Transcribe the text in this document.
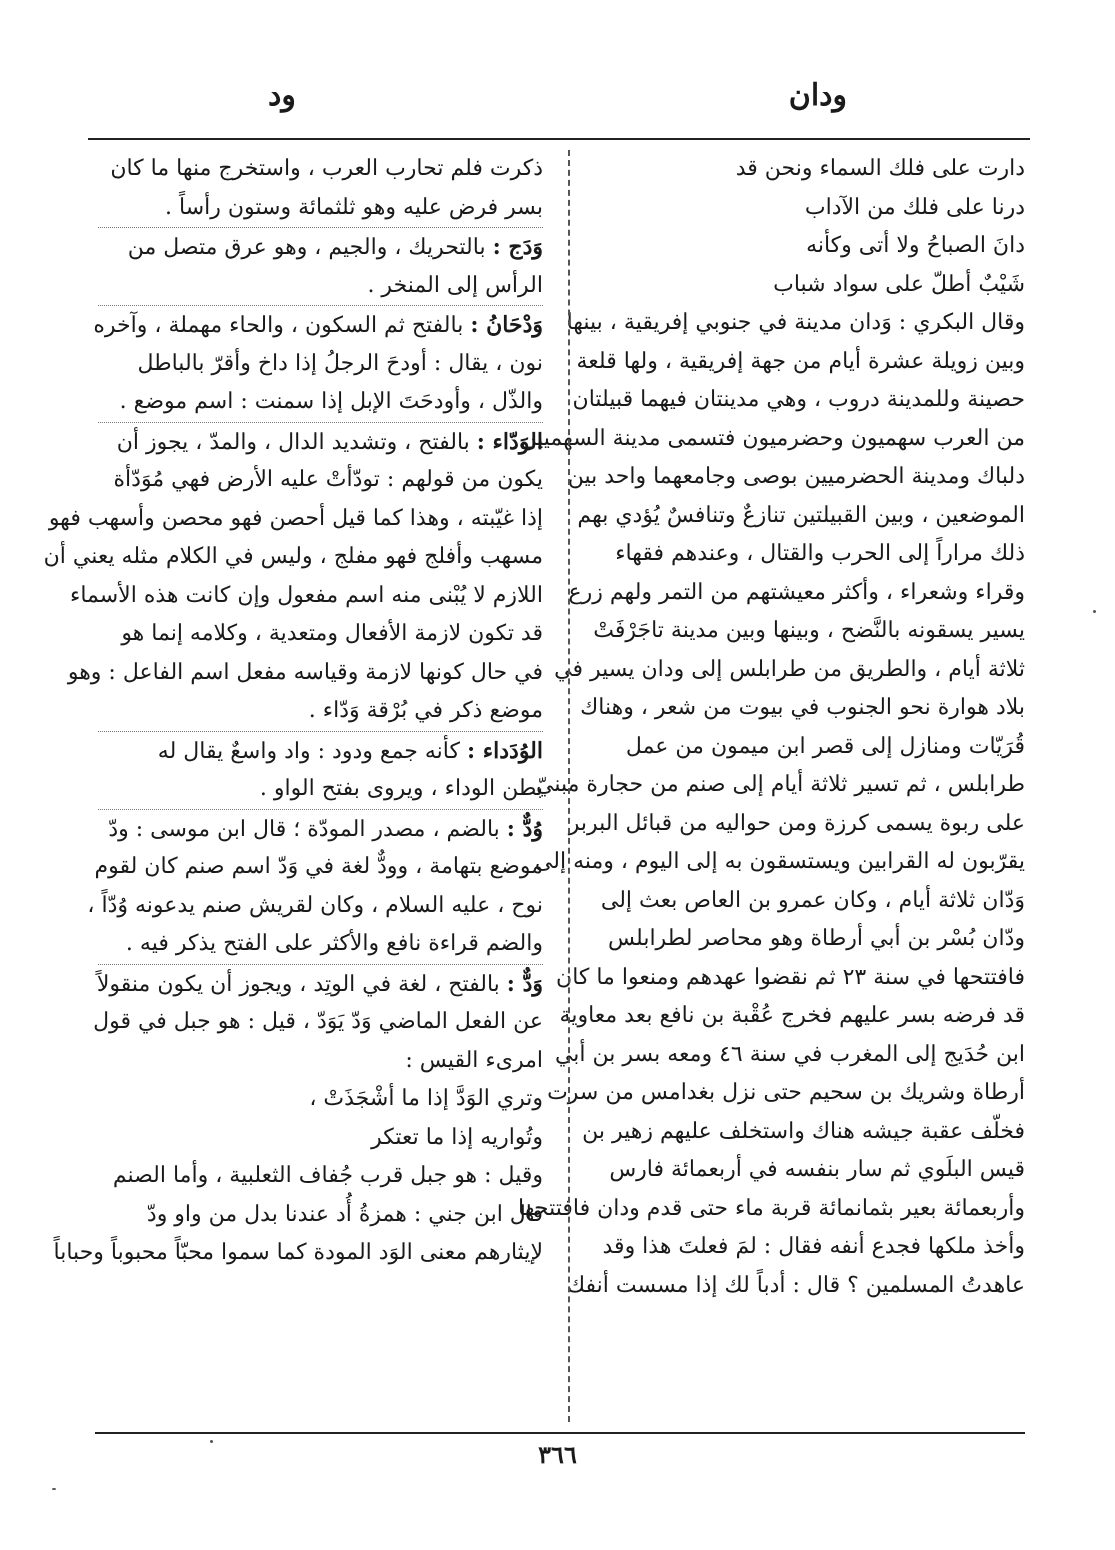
ودان
ود
دارت على فلك السماء ونحن قد
درنا على فلك من الآداب
دانَ الصباحُ ولا أتى وكأنه
شَيْبٌ أطلّ على سواد شباب
وقال البكري : وَدان مدينة في جنوبي إفريقية ، بينها
وبين زويلة عشرة أيام من جهة إفريقية ، ولها قلعة
حصينة وللمدينة دروب ، وهي مدينتان فيهما قبيلتان
من العرب سهميون وحضرميون فتسمى مدينة السهميين
دلباك ومدينة الحضرميين بوصى وجامعهما واحد بين
الموضعين ، وبين القبيلتين تنازعٌ وتنافسٌ يُؤدي بهم
ذلك مراراً إلى الحرب والقتال ، وعندهم فقهاء
وقراء وشعراء ، وأكثر معيشتهم من التمر ولهم زرع
يسير يسقونه بالنَّضح ، وبينها وبين مدينة تاجَرْفَتْ
ثلاثة أيام ، والطريق من طرابلس إلى ودان يسير في
بلاد هوارة نحو الجنوب في بيوت من شعر ، وهناك
قُرَيّات ومنازل إلى قصر ابن ميمون من عمل
طرابلس ، ثم تسير ثلاثة أيام إلى صنم من حجارة مبنيّ
على ربوة يسمى كرزة ومن حواليه من قبائل البربر
يقرّبون له القرابين ويستسقون به إلى اليوم ، ومنه إلى
وَدّان ثلاثة أيام ، وكان عمرو بن العاص بعث إلى
ودّان بُسْر بن أبي أرطاة وهو محاصر لطرابلس
فافتتحها في سنة ٢٣ ثم نقضوا عهدهم ومنعوا ما كان
قد فرضه بسر عليهم فخرج عُقْبة بن نافع بعد معاوية
ابن حُدَيج إلى المغرب في سنة ٤٦ ومعه بسر بن أبي
أرطاة وشريك بن سحيم حتى نزل بغدامس من سرت
فخلّف عقبة جيشه هناك واستخلف عليهم زهير بن
قيس البلَوي ثم سار بنفسه في أربعمائة فارس
وأربعمائة بعير بثمانمائة قربة ماء حتى قدم ودان فافتتحها
وأخذ ملكها فجدع أنفه فقال : لمَ فعلتَ هذا وقد
عاهدتُ المسلمين ؟ قال : أدباً لك إذا مسست أنفك
ذكرت فلم تحارب العرب ، واستخرج منها ما كان
بسر فرض عليه وهو ثلثمائة وستون رأساً .
وَدَج : بالتحريك ، والجيم ، وهو عرق متصل من
الرأس إلى المنخر .
وَدْحَانُ : بالفتح ثم السكون ، والحاء مهملة ، وآخره
نون ، يقال : أودحَ الرجلُ إذا داخ وأقرّ بالباطل
والذّل ، وأودحَتَ الإبل إذا سمنت : اسم موضع .
الوَدّاء : بالفتح ، وتشديد الدال ، والمدّ ، يجوز أن
يكون من قولهم : تودّأتْ عليه الأرض فهي مُوَدّأة
إذا غيّبته ، وهذا كما قيل أحصن فهو محصن وأسهب فهو
مسهب وأفلج فهو مفلج ، وليس في الكلام مثله يعني أن
اللازم لا يُبْنى منه اسم مفعول وإن كانت هذه الأسماء
قد تكون لازمة الأفعال ومتعدية ، وكلامه إنما هو
في حال كونها لازمة وقياسه مفعل اسم الفاعل : وهو
موضع ذكر في بُرْقة وَدّاء .
الوُدَداء : كأنه جمع ودود : واد واسعٌ يقال له
بطن الوداء ، ويروى بفتح الواو .
وُدٌّ : بالضم ، مصدر المودّة ؛ قال ابن موسى : ودّ
موضع بتهامة ، وودٌّ لغة في وَدّ اسم صنم كان لقوم
نوح ، عليه السلام ، وكان لقريش صنم يدعونه وُدّاً ،
والضم قراءة نافع والأكثر على الفتح يذكر فيه .
وَدٌّ : بالفتح ، لغة في الوتِد ، ويجوز أن يكون منقولاً
عن الفعل الماضي وَدّ يَوَدّ ، قيل : هو جبل في قول
امرىء القيس :
وتري الوَدَّ إذا ما أشْجَذَتْ ،
وتُواريه إذا ما تعتكر
وقيل : هو جبل قرب جُفاف الثعلبية ، وأما الصنم
قال ابن جني : همزةُ أُد عندنا بدل من واو ودّ
لإيثارهم معنى الوَد المودة كما سموا محبّاً محبوباً وحباباً
٣٦٦
